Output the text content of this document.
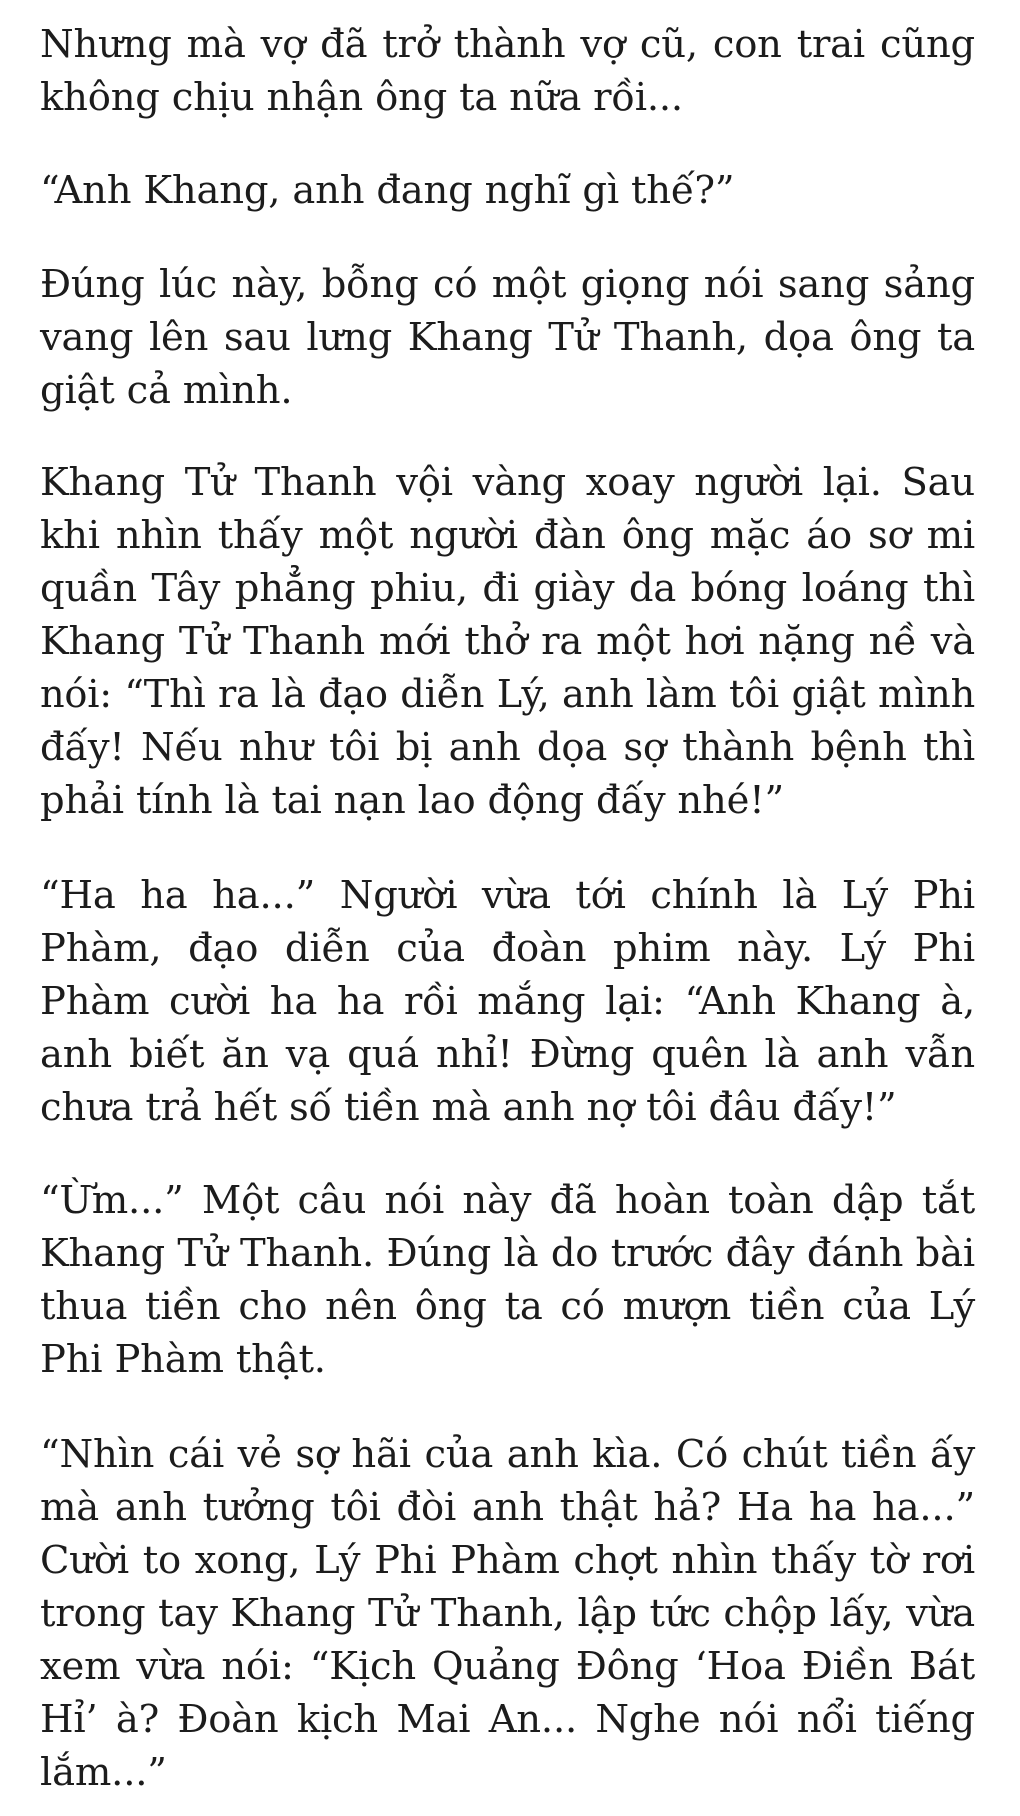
Nhưng mà vợ đã trở thành vợ cũ, con trai cũng
không chịu nhận ông ta nữa rồi...
“Anh Khang, anh đang nghĩ gì thế?”
Đúng lúc này, bỗng có một giọng nói sang sảng
vang lên sau lưng Khang Tử Thanh, dọa ông ta
giật cả mình.
Khang Tử Thanh vội vàng xoay người lại. Sau
khi nhìn thấy một người đàn ông mặc áo sơ mi
quần Tây phẳng phiu, đi giày da bóng loáng thì
Khang Tử Thanh mới thở ra một hơi nặng nề và
nói: “Thì ra là đạo diễn Lý, anh làm tôi giật mình
đấy! Nếu như tôi bị anh dọa sợ thành bệnh thì
phải tính là tai nạn lao động đấy nhé!”
“Ha ha ha...” Người vừa tới chính là Lý Phi
Phàm, đạo diễn của đoàn phim này. Lý Phi
Phàm cười ha ha rồi mắng lại: “Anh Khang à,
anh biết ăn vạ quá nhỉ! Đừng quên là anh vẫn
chưa trả hết số tiền mà anh nợ tôi đâu đấy!”
“Ừm...” Một câu nói này đã hoàn toàn dập tắt
Khang Tử Thanh. Đúng là do trước đây đánh bài
thua tiền cho nên ông ta có mượn tiền của Lý
Phi Phàm thật.
“Nhìn cái vẻ sợ hãi của anh kìa. Có chút tiền ấy
mà anh tưởng tôi đòi anh thật hả? Ha ha ha...”
Cười to xong, Lý Phi Phàm chợt nhìn thấy tờ rơi
trong tay Khang Tử Thanh, lập tức chộp lấy, vừa
xem vừa nói: “Kịch Quảng Đông ‘Hoa Điền Bát
Hỉ’ à? Đoàn kịch Mai An... Nghe nói nổi tiếng
lắm...”
